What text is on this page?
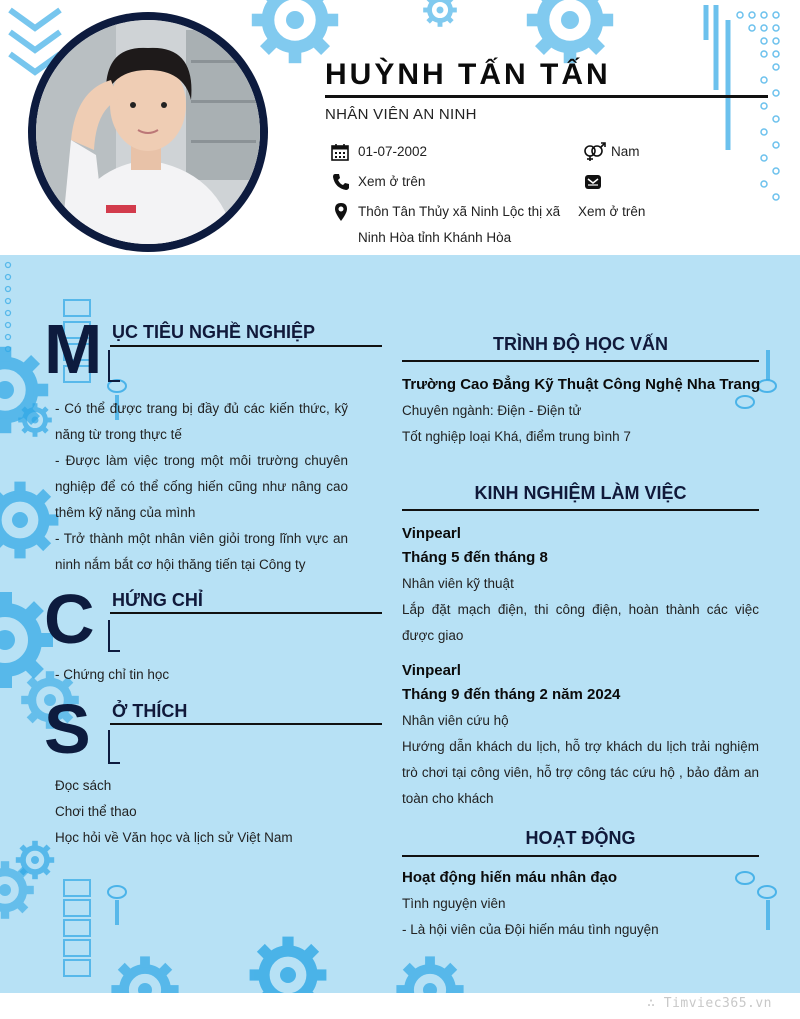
HUỲNH TẤN TẤN
NHÂN VIÊN AN NINH
01-07-2002	Nam
Xem ở trên
Thôn Tân Thủy xã Ninh Lộc thị xã Xem ở trên
Ninh Hòa tỉnh Khánh Hòa
M ỤC TIÊU NGHỀ NGHIỆP
- Có thể được trang bị đầy đủ các kiến thức, kỹ năng từ trong thực tế
- Được làm việc trong một môi trường chuyên nghiệp để có thể cống hiến cũng như nâng cao thêm kỹ năng của mình
- Trở thành một nhân viên giỏi trong lĩnh vực an ninh nắm bắt cơ hội thăng tiến tại Công ty
C HỨNG CHỈ
- Chứng chỉ tin học
S Ở THÍCH
Đọc sách
Chơi thể thao
Học hỏi về Văn học và lịch sử Việt Nam
TRÌNH ĐỘ HỌC VẤN
Trường Cao Đẳng Kỹ Thuật Công Nghệ Nha Trang
Chuyên ngành: Điện - Điện tử
Tốt nghiệp loại Khá, điểm trung bình 7
KINH NGHIỆM LÀM VIỆC
Vinpearl
Tháng 5 đến tháng 8
Nhân viên kỹ thuật
Lắp đặt mạch điện, thi công điện, hoàn thành các việc được giao
Vinpearl
Tháng 9 đến tháng 2 năm 2024
Nhân viên cứu hộ
Hướng dẫn khách du lịch, hỗ trợ khách du lịch trải nghiệm trò chơi tại công viên, hỗ trợ công tác cứu hộ , bảo đảm an toàn cho khách
HOẠT ĐỘNG
Hoạt động hiến máu nhân đạo
Tình nguyện viên
- Là hội viên của Đội hiến máu tình nguyện
∴ Timviec365.vn
